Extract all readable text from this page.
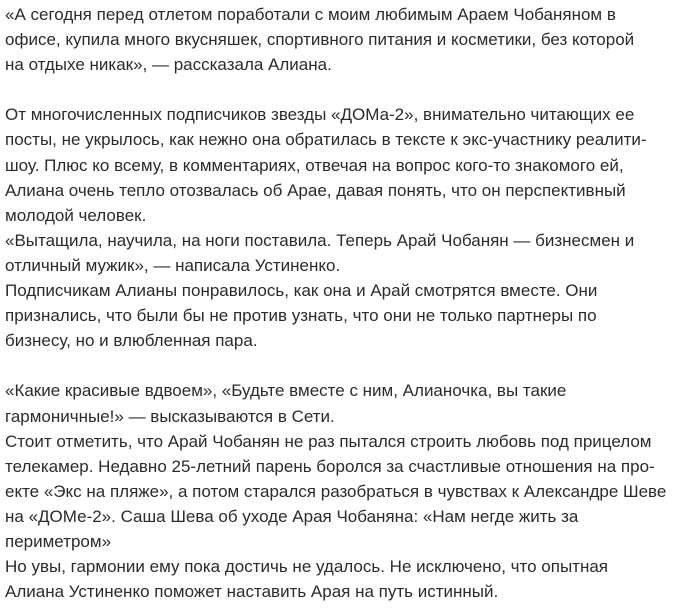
«А сегодня перед отлетом поработали с моим любимым Араем Чобаняном в
офисе, купила много вкусняшек, спортивного питания и косметики, без которой
на отдыхе никак», — рассказала Алиана.
От многочисленных подписчиков звезды «ДОМа-2», внимательно читающих ее
посты, не укрылось, как нежно она обратилась в тексте к экс-участнику реалити-
шоу. Плюс ко всему, в комментариях, отвечая на вопрос кого-то знакомого ей,
Алиана очень тепло отозвалась об Арае, давая понять, что он перспективный
молодой человек.
«Вытащила, научила, на ноги поставила. Теперь Арай Чобанян — бизнесмен и
отличный мужик», — написала Устиненко.
Подписчикам Алианы понравилось, как она и Арай смотрятся вместе. Они
признались, что были бы не против узнать, что они не только партнеры по
бизнесу, но и влюбленная пара.
«Какие красивые вдвоем», «Будьте вместе с ним, Алианочка, вы такие
гармоничные!» — высказываются в Сети.
Стоит отметить, что Арай Чобанян не раз пытался строить любовь под прицелом
телекамер. Недавно 25-летний парень боролся за счастливые отношения на про-
екте «Экс на пляже», а потом старался разобраться в чувствах к Александре Шеве
на «ДОМе-2». Саша Шева об уходе Арая Чобаняна: «Нам негде жить за
периметром»
Но увы, гармонии ему пока достичь не удалось. Не исключено, что опытная
Алиана Устиненко поможет наставить Арая на путь истинный.
